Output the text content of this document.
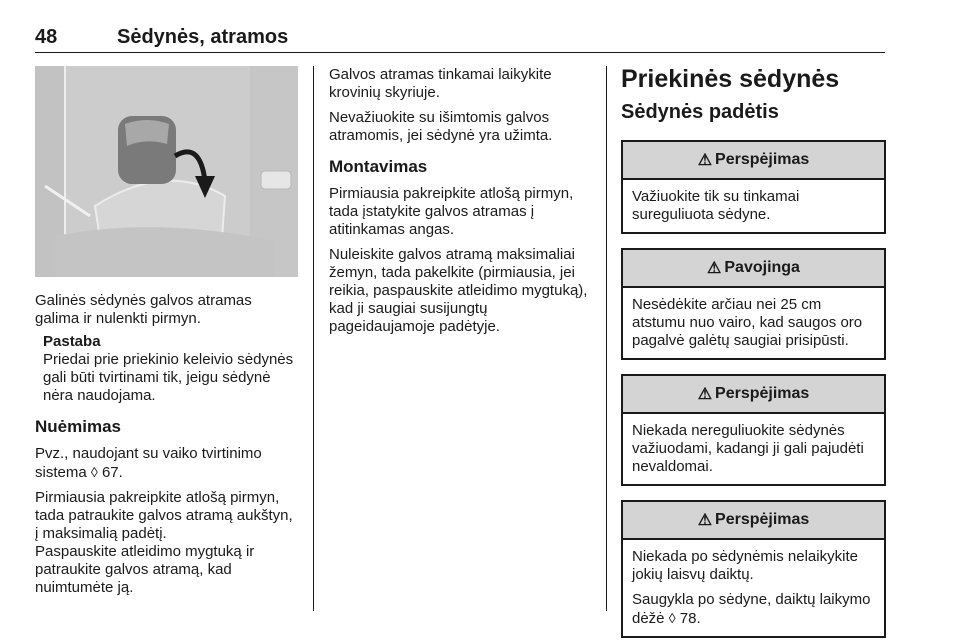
48	Sėdynės, atramos

Galinės sėdynės galvos atramas galima ir nulenkti pirmyn.

Pastaba

Priedai prie priekinio keleivio sėdynės gali būti tvirtinami tik, jeigu sėdynė nėra naudojama.

Nuėmimas

Pvz., naudojant su vaiko tvirtinimo sistema ◊ 67.

Pirmiausia pakreipkite atlošą pirmyn, tada patraukite galvos atramą aukštyn, į maksimalią padėtį.

Paspauskite atleidimo mygtuką ir patraukite galvos atramą, kad nuimtumėte ją.

Galvos atramas tinkamai laikykite krovinių skyriuje.

Nevažiuokite su išimtomis galvos atramomis, jei sėdynė yra užimta.

Montavimas

Pirmiausia pakreipkite atlošą pirmyn, tada įstatykite galvos atramas į atitinkamas angas.

Nuleiskite galvos atramą maksimaliai žemyn, tada pakelkite (pirmiausia, jei reikia, paspauskite atleidimo mygtuką), kad ji saugiai susijungtų pageidaujamoje padėtyje.

Priekinės sėdynės
Sėdynės padėtis
⚠ Perspėjimas

Važiuokite tik su tinkamai sureguliuota sėdyne.

⚠ Pavojinga

Nesėdėkite arčiau nei 25 cm atstumu nuo vairo, kad saugos oro pagalvė galėtų saugiai prisipūsti.

⚠ Perspėjimas

Niekada nereguliuokite sėdynės važiuodami, kadangi ji gali pajudėti nevaldomai.

⚠ Perspėjimas

Niekada po sėdynėmis nelaikykite jokių laisvų daiktų.

Saugykla po sėdyne, daiktų laikymo dėžė ◊ 78.
